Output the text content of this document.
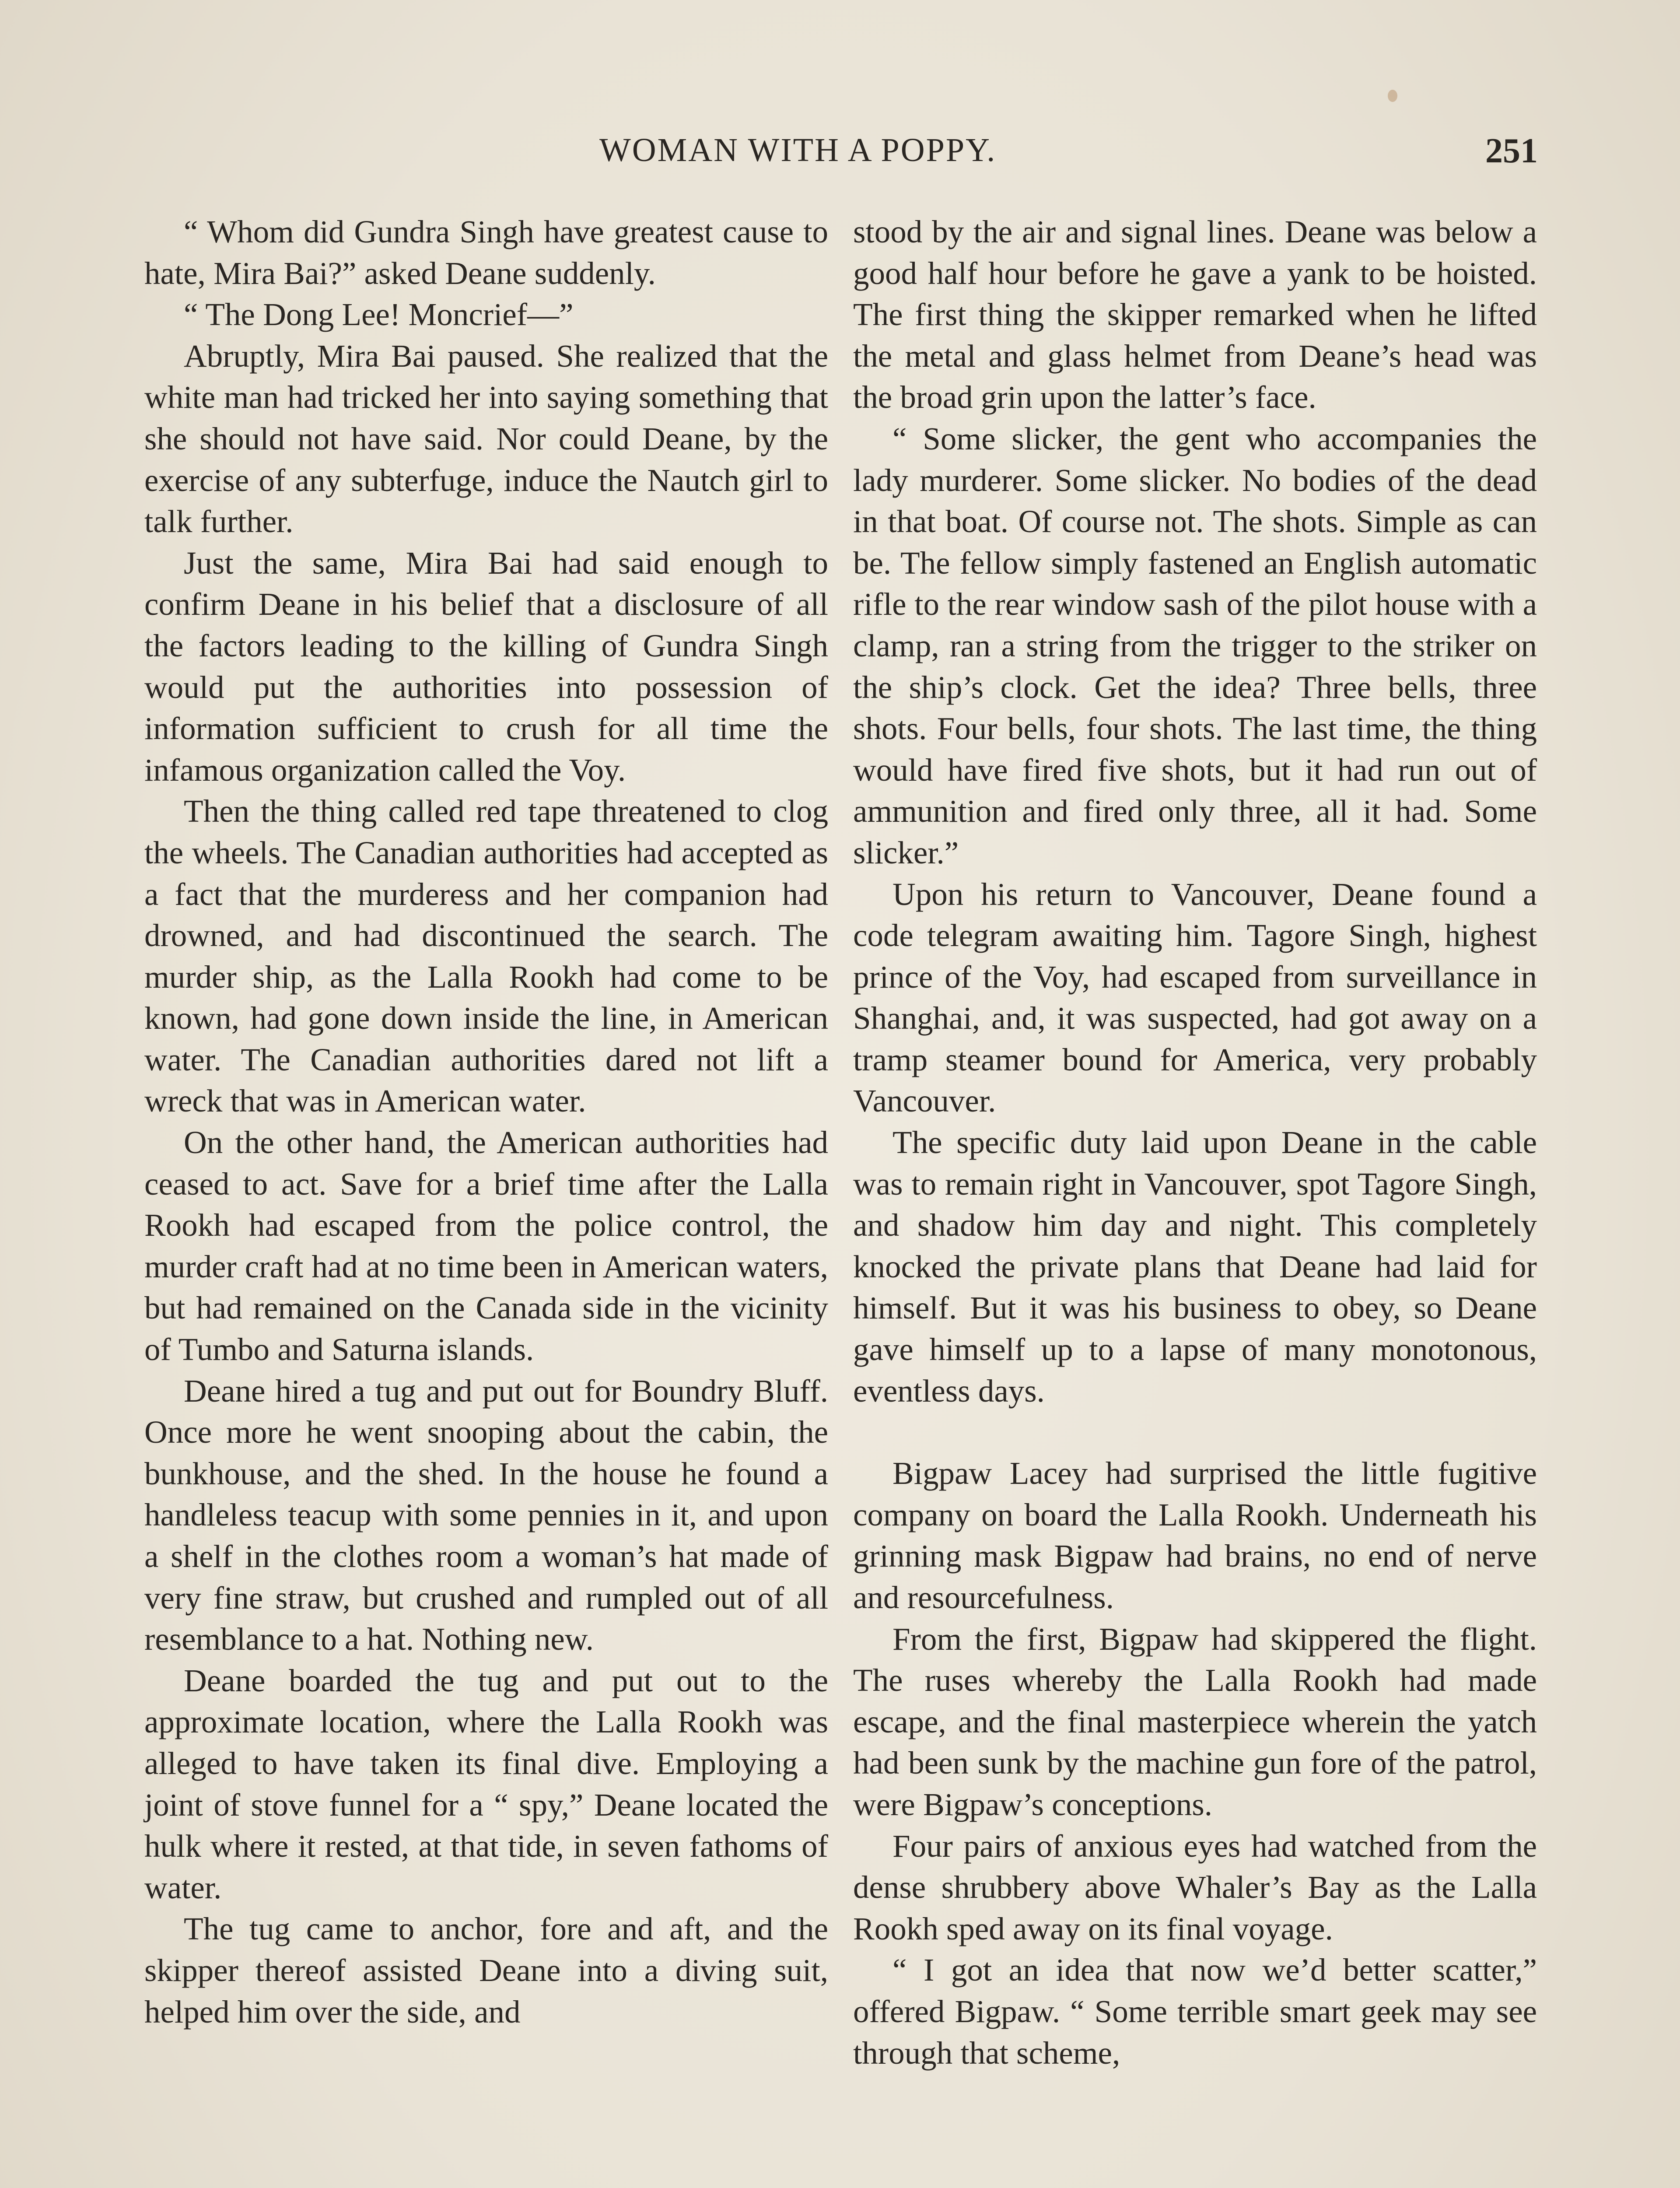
WOMAN WITH A POPPY.	251

“ Whom did Gundra Singh have greatest cause to hate, Mira Bai?” asked Deane suddenly.

“ The Dong Lee! Moncrief—”

Abruptly, Mira Bai paused. She realized that the white man had tricked her into saying something that she should not have said. Nor could Deane, by the exercise of any subterfuge, induce the Nautch girl to talk further.

Just the same, Mira Bai had said enough to confirm Deane in his belief that a disclosure of all the factors leading to the killing of Gundra Singh would put the authorities into possession of information sufficient to crush for all time the infamous organization called the Voy.

Then the thing called red tape threatened to clog the wheels. The Canadian authorities had accepted as a fact that the murderess and her companion had drowned, and had discontinued the search. The murder ship, as the Lalla Rookh had come to be known, had gone down inside the line, in American water. The Canadian authorities dared not lift a wreck that was in American water.

On the other hand, the American authorities had ceased to act. Save for a brief time after the Lalla Rookh had escaped from the police control, the murder craft had at no time been in American waters, but had remained on the Canada side in the vicinity of Tumbo and Saturna islands.

Deane hired a tug and put out for Boundry Bluff. Once more he went snooping about the cabin, the bunkhouse, and the shed. In the house he found a handleless teacup with some pennies in it, and upon a shelf in the clothes room a woman’s hat made of very fine straw, but crushed and rumpled out of all resemblance to a hat. Nothing new.

Deane boarded the tug and put out to the approximate location, where the Lalla Rookh was alleged to have taken its final dive. Employing a joint of stove funnel for a “ spy,” Deane located the hulk where it rested, at that tide, in seven fathoms of water.

The tug came to anchor, fore and aft, and the skipper thereof assisted Deane into a diving suit, helped him over the side, and

stood by the air and signal lines. Deane was below a good half hour before he gave a yank to be hoisted. The first thing the skipper remarked when he lifted the metal and glass helmet from Deane’s head was the broad grin upon the latter’s face.

“ Some slicker, the gent who accompanies the lady murderer. Some slicker. No bodies of the dead in that boat. Of course not. The shots. Simple as can be. The fellow simply fastened an English automatic rifle to the rear window sash of the pilot house with a clamp, ran a string from the trigger to the striker on the ship’s clock. Get the idea? Three bells, three shots. Four bells, four shots. The last time, the thing would have fired five shots, but it had run out of ammunition and fired only three, all it had. Some slicker.”

Upon his return to Vancouver, Deane found a code telegram awaiting him. Tagore Singh, highest prince of the Voy, had escaped from surveillance in Shanghai, and, it was suspected, had got away on a tramp steamer bound for America, very probably Vancouver.

The specific duty laid upon Deane in the cable was to remain right in Vancouver, spot Tagore Singh, and shadow him day and night. This completely knocked the private plans that Deane had laid for himself. But it was his business to obey, so Deane gave himself up to a lapse of many monotonous, eventless days.

Bigpaw Lacey had surprised the little fugitive company on board the Lalla Rookh. Underneath his grinning mask Bigpaw had brains, no end of nerve and resourcefulness.

From the first, Bigpaw had skippered the flight. The ruses whereby the Lalla Rookh had made escape, and the final masterpiece wherein the yatch had been sunk by the machine gun fore of the patrol, were Bigpaw’s conceptions.

Four pairs of anxious eyes had watched from the dense shrubbery above Whaler’s Bay as the Lalla Rookh sped away on its final voyage.

“ I got an idea that now we’d better scatter,” offered Bigpaw. “ Some terrible smart geek may see through that scheme,
